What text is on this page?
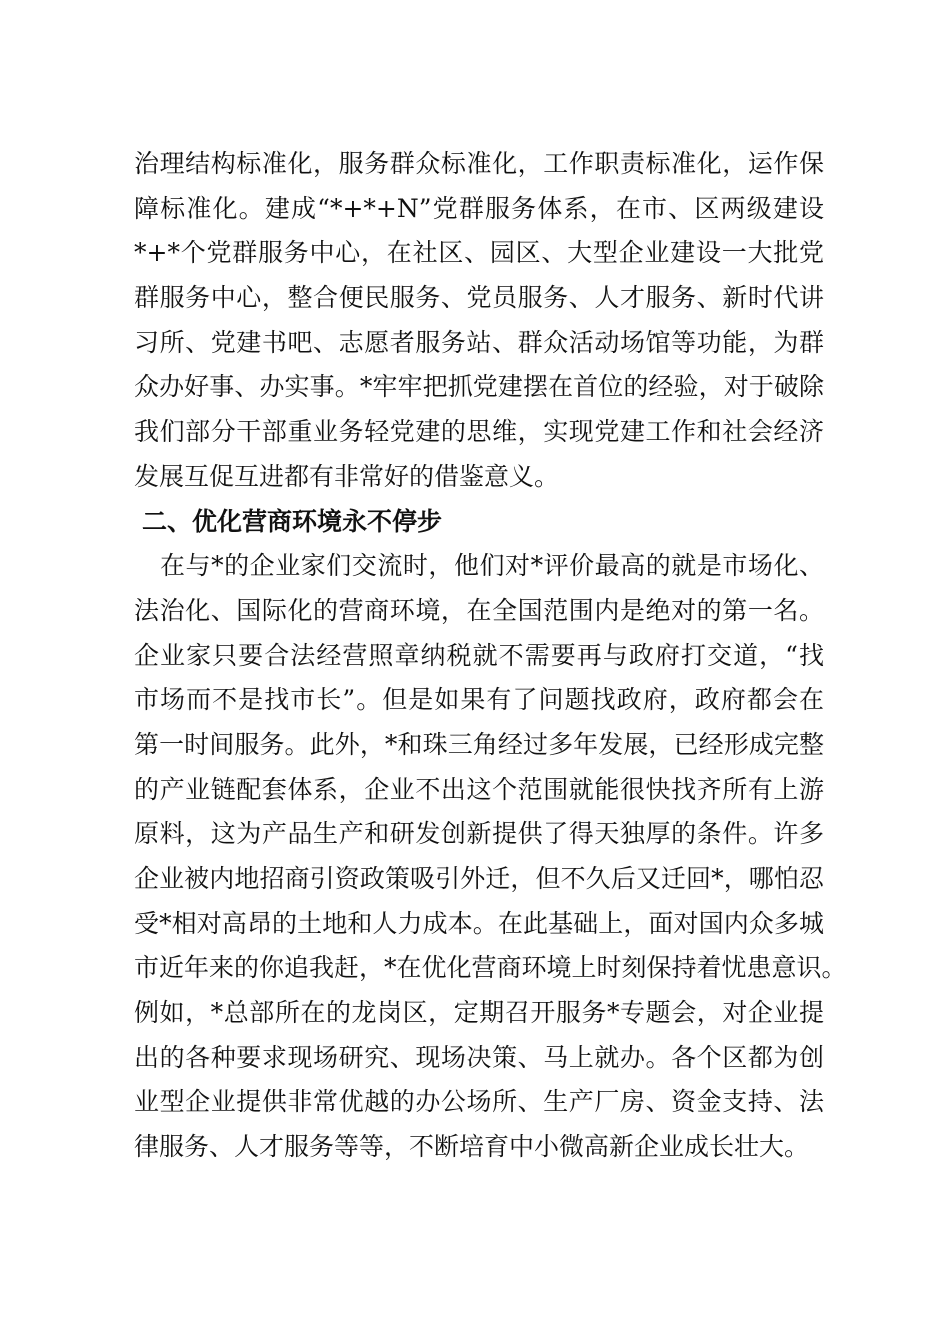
治理结构标准化，服务群众标准化，工作职责标准化，运作保
障标准化。建成“*+*+N”党群服务体系，在市、区两级建设
*+*个党群服务中心，在社区、园区、大型企业建设一大批党
群服务中心，整合便民服务、党员服务、人才服务、新时代讲
习所、党建书吧、志愿者服务站、群众活动场馆等功能，为群
众办好事、办实事。*牢牢把抓党建摆在首位的经验，对于破除
我们部分干部重业务轻党建的思维，实现党建工作和社会经济
发展互促互进都有非常好的借鉴意义。
二、优化营商环境永不停步
在与*的企业家们交流时，他们对*评价最高的就是市场化、
法治化、国际化的营商环境，在全国范围内是绝对的第一名。
企业家只要合法经营照章纳税就不需要再与政府打交道，“找
市场而不是找市长”。但是如果有了问题找政府，政府都会在
第一时间服务。此外，*和珠三角经过多年发展，已经形成完整
的产业链配套体系，企业不出这个范围就能很快找齐所有上游
原料，这为产品生产和研发创新提供了得天独厚的条件。许多
企业被内地招商引资政策吸引外迁，但不久后又迁回*，哪怕忍
受*相对高昂的土地和人力成本。在此基础上，面对国内众多城
市近年来的你追我赶，*在优化营商环境上时刻保持着忧患意识。
例如，*总部所在的龙岗区，定期召开服务*专题会，对企业提
出的各种要求现场研究、现场决策、马上就办。各个区都为创
业型企业提供非常优越的办公场所、生产厂房、资金支持、法
律服务、人才服务等等，不断培育中小微高新企业成长壮大。
